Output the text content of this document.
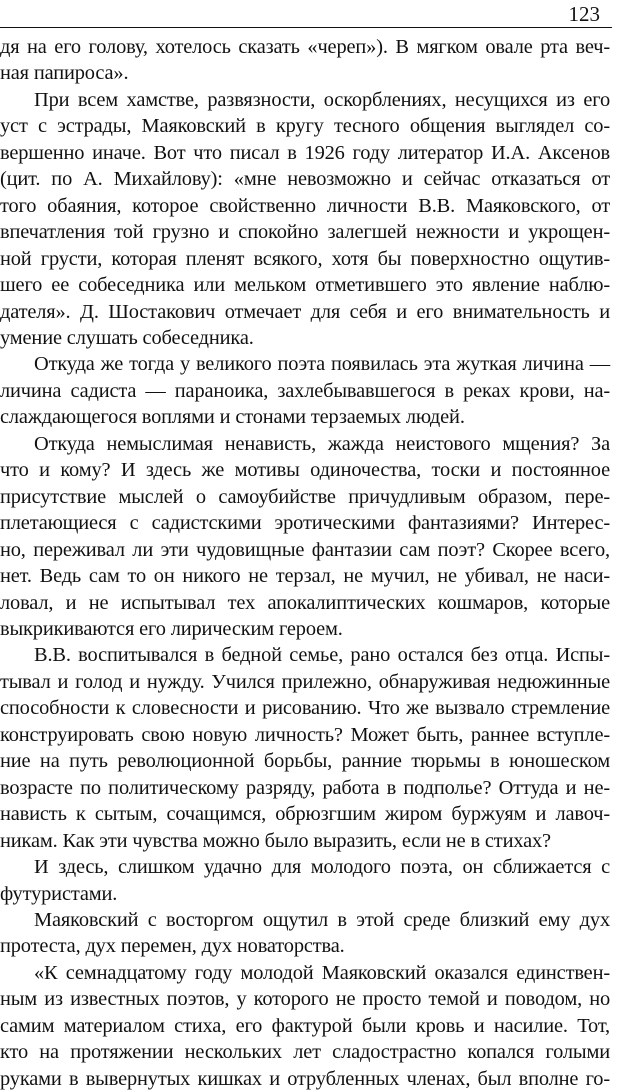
123
дя на его голову, хотелось сказать «череп»). В мягком овале рта веч-
ная папироса».
При всем хамстве, развязности, оскорблениях, несущихся из его
уст с эстрады, Маяковский в кругу тесного общения выглядел со-
вершенно иначе. Вот что писал в 1926 году литератор И.А. Аксенов
(цит. по А. Михайлову): «мне невозможно и сейчас отказаться от
того обаяния, которое свойственно личности В.В. Маяковского, от
впечатления той грузно и спокойно залегшей нежности и укрощен-
ной грусти, которая пленят всякого, хотя бы поверхностно ощутив-
шего ее собеседника или мельком отметившего это явление наблю-
дателя». Д. Шостакович отмечает для себя и его внимательность и
умение слушать собеседника.
Откуда же тогда у великого поэта появилась эта жуткая личина —
личина садиста — параноика, захлебывавшегося в реках крови, на-
слаждающегося воплями и стонами терзаемых людей.
Откуда немыслимая ненависть, жажда неистового мщения? За
что и кому? И здесь же мотивы одиночества, тоски и постоянное
присутствие мыслей о самоубийстве причудливым образом, пере-
плетающиеся с садистскими эротическими фантазиями? Интерес-
но, переживал ли эти чудовищные фантазии сам поэт? Скорее всего,
нет. Ведь сам то он никого не терзал, не мучил, не убивал, не наси-
ловал, и не испытывал тех апокалиптических кошмаров, которые
выкрикиваются его лирическим героем.
В.В. воспитывался в бедной семье, рано остался без отца. Испы-
тывал и голод и нужду. Учился прилежно, обнаруживая недюжинные
способности к словесности и рисованию. Что же вызвало стремление
конструировать свою новую личность? Может быть, раннее вступле-
ние на путь революционной борьбы, ранние тюрьмы в юношеском
возрасте по политическому разряду, работа в подполье? Оттуда и не-
нависть к сытым, сочащимся, обрюзгшим жиром буржуям и лавоч-
никам. Как эти чувства можно было выразить, если не в стихах?
И здесь, слишком удачно для молодого поэта, он сближается с
футуристами.
Маяковский с восторгом ощутил в этой среде близкий ему дух
протеста, дух перемен, дух новаторства.
«К семнадцатому году молодой Маяковский оказался единствен-
ным из известных поэтов, у которого не просто темой и поводом, но
самим материалом стиха, его фактурой были кровь и насилие. Тот,
кто на протяжении нескольких лет сладострастно копался голыми
руками в вывернутых кишках и отрубленных членах, был вполне го-
